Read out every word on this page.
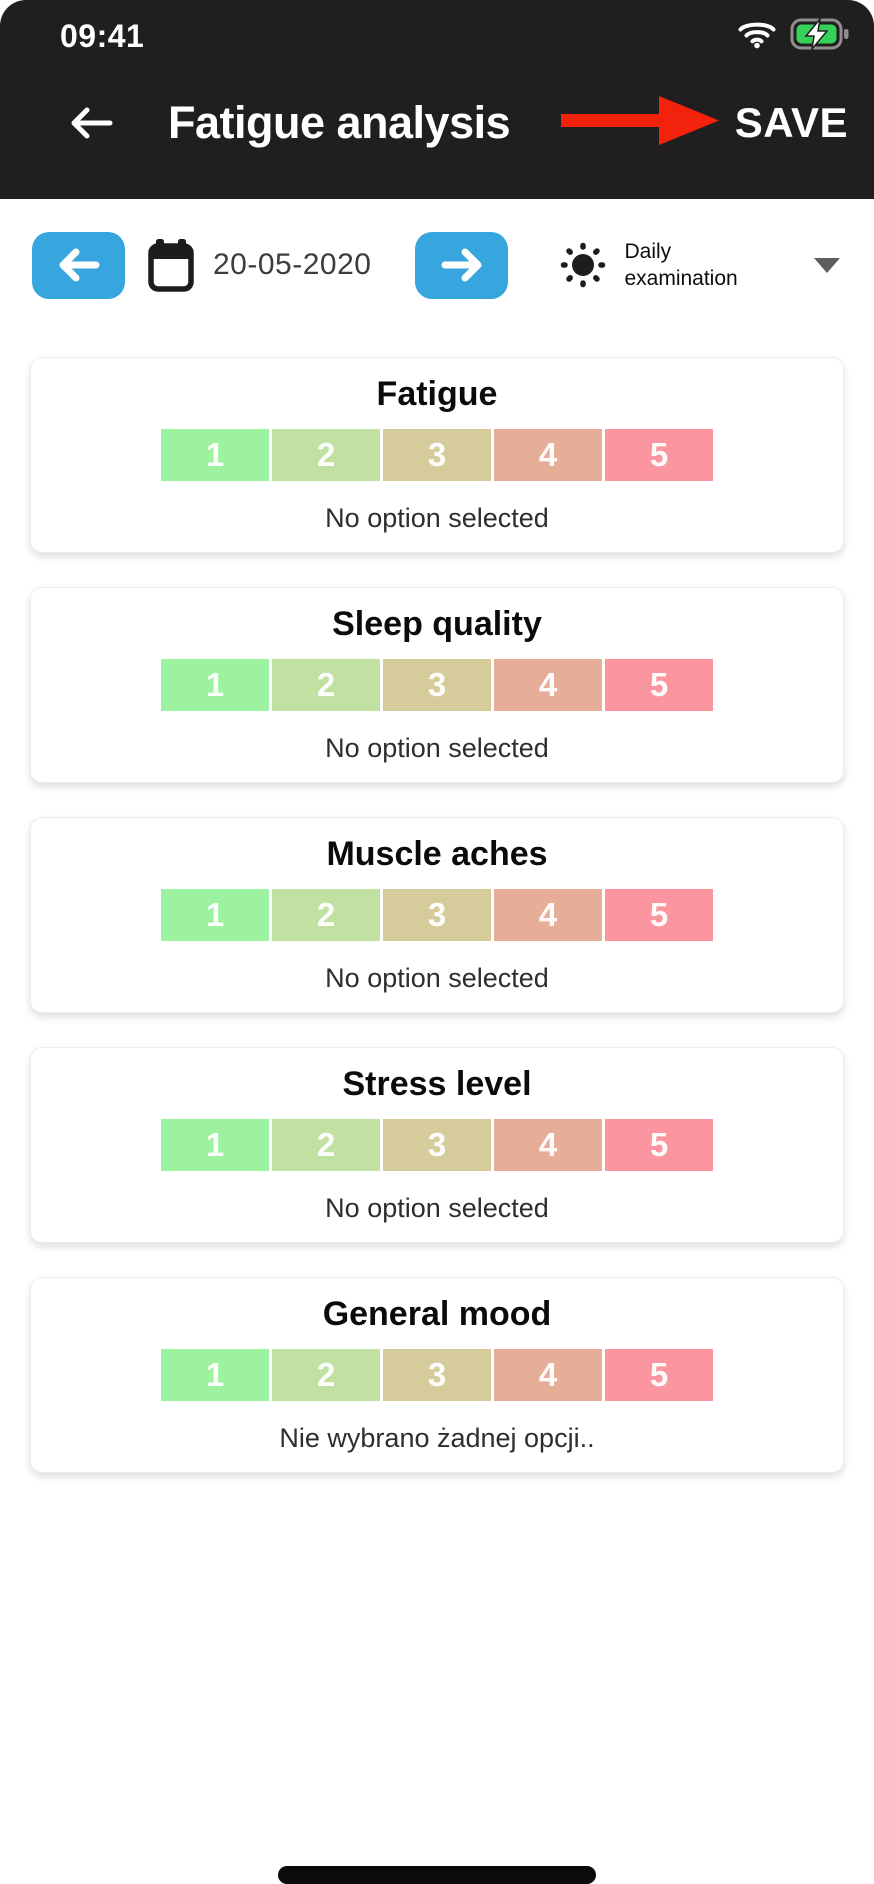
09:41
Fatigue analysis	SAVE
20-05-2020	Daily examination
Fatigue
1	2	3	4	5
No option selected
Sleep quality
1	2	3	4	5
No option selected
Muscle aches
1	2	3	4	5
No option selected
Stress level
1	2	3	4	5
No option selected
General mood
1	2	3	4	5
Nie wybrano żadnej opcji..
